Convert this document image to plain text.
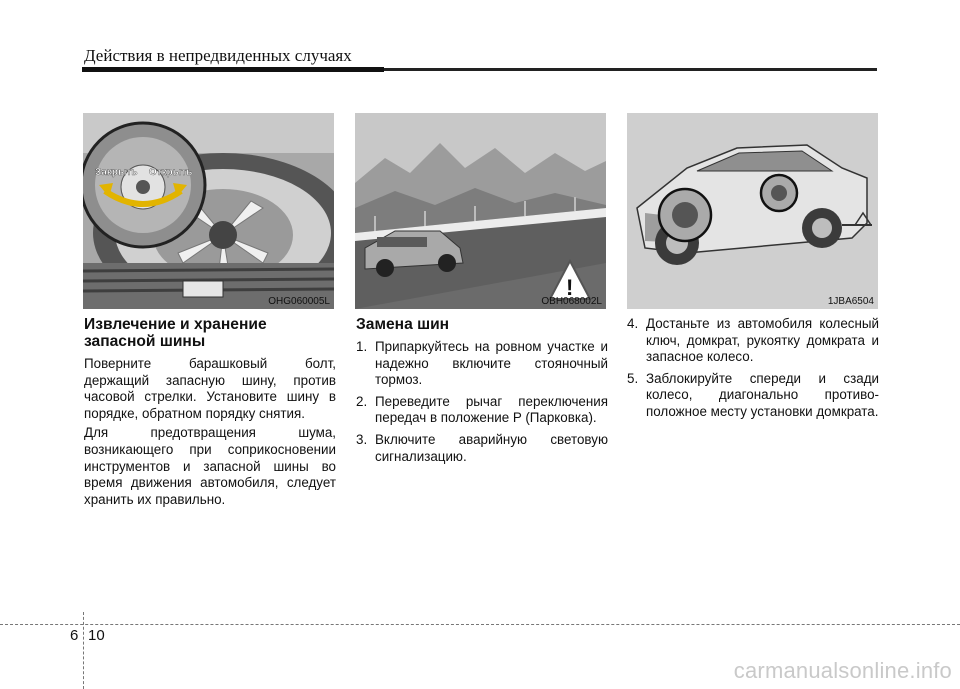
Действия в непредвиденных случаях
Закрыть Открыть
OHG060005L
!
OBH068002L	1JBA6504
Извлечение и хранение
запасной шины

Поверните барашковый болт, держащий запасную шину, против часовой стрелки. Установите шину в порядке, обратном порядку снятия.

Для предотвращения шума, возникающего при соприкосновении инструментов и запасной шины во время движения автомобиля, следует хранить их правильно.

Замена шин
1. Припаркуйтесь на ровном участке и надежно включите стояночный тормоз.
2. Переведите рычаг переключения передач в положение P (Парковка).
3. Включите аварийную световую сигнализацию.
4. Достаньте из автомобиля колесный ключ, домкрат, рукоятку домкрата и запасное колесо.
5. Заблокируйте спереди и сзади колесо, диагонально противо-положное месту установки домкрата.
6 10
carmanualsonline.info
